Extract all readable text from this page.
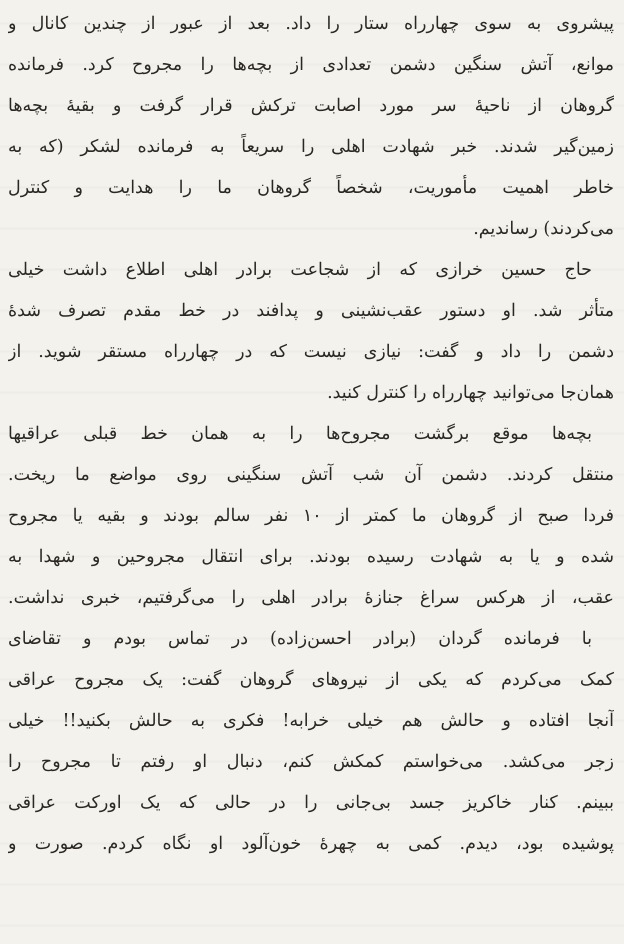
پیشروی به سوی چهارراه ستار را داد. بعد از عبور از چندین کانال و
موانع، آتش سنگین دشمن تعدادی از بچه‌ها را مجروح کرد. فرمانده
گروهان از ناحیهٔ سر مورد اصابت ترکش قرار گرفت و بقیهٔ بچه‌ها
زمین‌گیر شدند. خبر شهادت اهلی را سریعاً به فرمانده لشکر (که به
خاطر اهمیت مأموریت، شخصاً گروهان ما را هدایت و کنترل
می‌کردند) رساندیم.
حاج حسین خرازی که از شجاعت برادر اهلی اطلاع داشت خیلی
متأثر شد. او دستور عقب‌نشینی و پدافند در خط مقدم تصرف شدهٔ
دشمن را داد و گفت: نیازی نیست که در چهارراه مستقر شوید. از
همان‌جا می‌توانید چهارراه را کنترل کنید.
بچه‌ها موقع برگشت مجروح‌ها را به همان خط قبلی عراقیها
منتقل کردند. دشمن آن شب آتش سنگینی روی مواضع ما ریخت.
فردا صبح از گروهان ما کمتر از ۱۰ نفر سالم بودند و بقیه یا مجروح
شده و یا به شهادت رسیده بودند. برای انتقال مجروحین و شهدا به
عقب، از هرکس سراغ جنازهٔ برادر اهلی را می‌گرفتیم، خبری نداشت.
با فرمانده گردان (برادر احسن‌زاده) در تماس بودم و تقاضای
کمک می‌کردم که یکی از نیروهای گروهان گفت: یک مجروح عراقی
آنجا افتاده و حالش هم خیلی خرابه! فکری به حالش بکنید!! خیلی
زجر می‌کشد. می‌خواستم کمکش کنم، دنبال او رفتم تا مجروح را
ببینم. کنار خاکریز جسد بی‌جانی را در حالی که یک اورکت عراقی
پوشیده بود، دیدم. کمی به چهرهٔ خون‌آلود او نگاه کردم. صورت و
